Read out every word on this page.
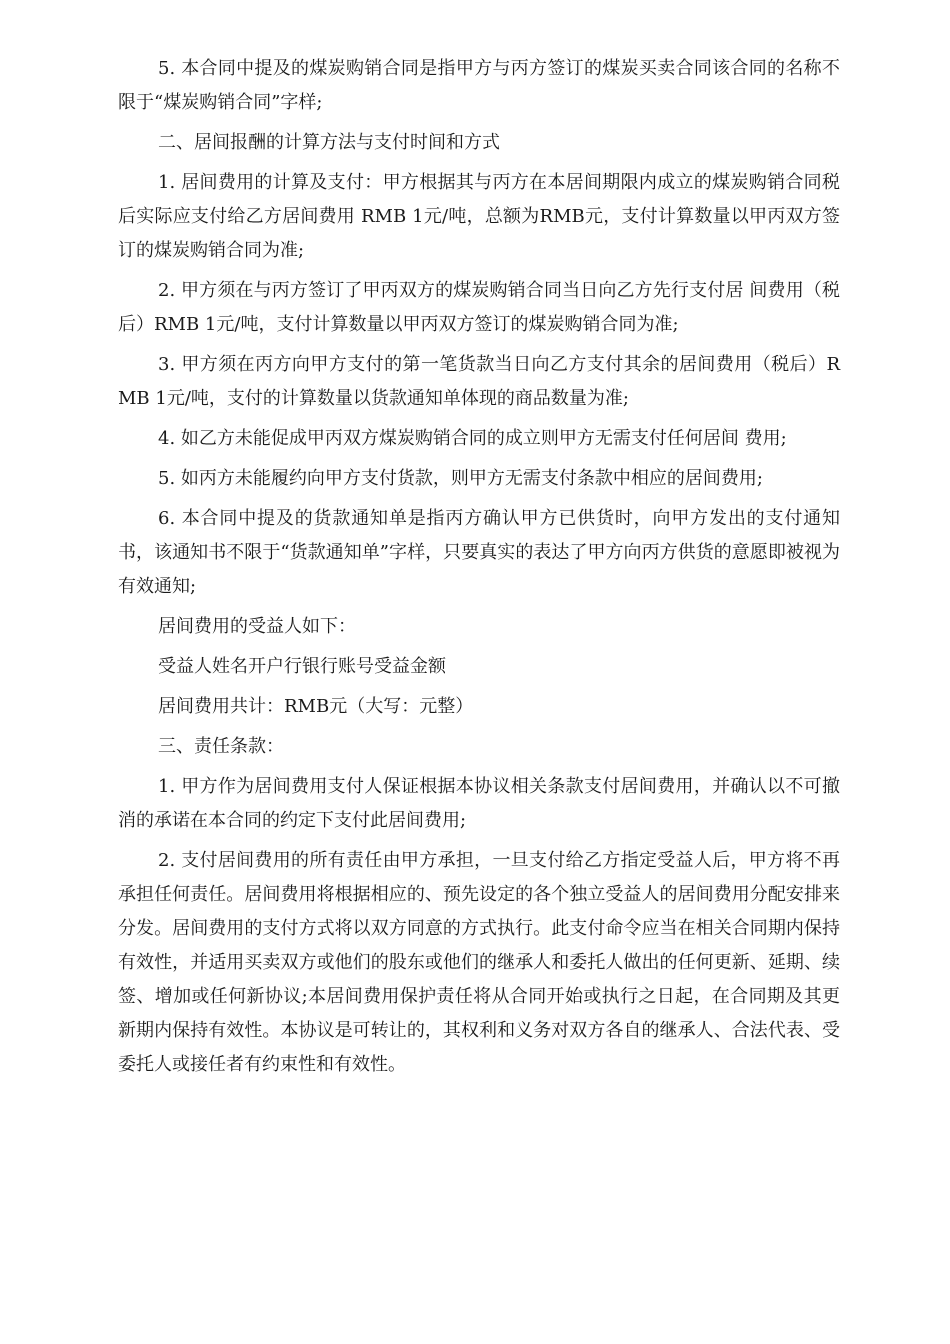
5. 本合同中提及的煤炭购销合同是指甲方与丙方签订的煤炭买卖合同该合同的名称不限于“煤炭购销合同”字样;

二、居间报酬的计算方法与支付时间和方式

1. 居间费用的计算及支付：甲方根据其与丙方在本居间期限内成立的煤炭购销合同税后实际应支付给乙方居间费用 RMB 1元/吨，总额为RMB元，支付计算数量以甲丙双方签订的煤炭购销合同为准;

2. 甲方须在与丙方签订了甲丙双方的煤炭购销合同当日向乙方先行支付居 间费用（税后）RMB 1元/吨，支付计算数量以甲丙双方签订的煤炭购销合同为准;

3. 甲方须在丙方向甲方支付的第一笔货款当日向乙方支付其余的居间费用（税后）RMB 1元/吨，支付的计算数量以货款通知单体现的商品数量为准;

4. 如乙方未能促成甲丙双方煤炭购销合同的成立则甲方无需支付任何居间 费用;

5. 如丙方未能履约向甲方支付货款，则甲方无需支付条款中相应的居间费用;

6. 本合同中提及的货款通知单是指丙方确认甲方已供货时，向甲方发出的支付通知书，该通知书不限于“货款通知单”字样，只要真实的表达了甲方向丙方供货的意愿即被视为有效通知;

居间费用的受益人如下：

受益人姓名开户行银行账号受益金额

居间费用共计：RMB元（大写：元整）

三、责任条款：

1. 甲方作为居间费用支付人保证根据本协议相关条款支付居间费用，并确认以不可撤消的承诺在本合同的约定下支付此居间费用;

2. 支付居间费用的所有责任由甲方承担，一旦支付给乙方指定受益人后，甲方将不再承担任何责任。居间费用将根据相应的、预先设定的各个独立受益人的居间费用分配安排来分发。居间费用的支付方式将以双方同意的方式执行。此支付命令应当在相关合同期内保持有效性，并适用买卖双方或他们的股东或他们的继承人和委托人做出的任何更新、延期、续签、增加或任何新协议;本居间费用保护责任将从合同开始或执行之日起，在合同期及其更新期内保持有效性。本协议是可转让的，其权利和义务对双方各自的继承人、合法代表、受委托人或接任者有约束性和有效性。
